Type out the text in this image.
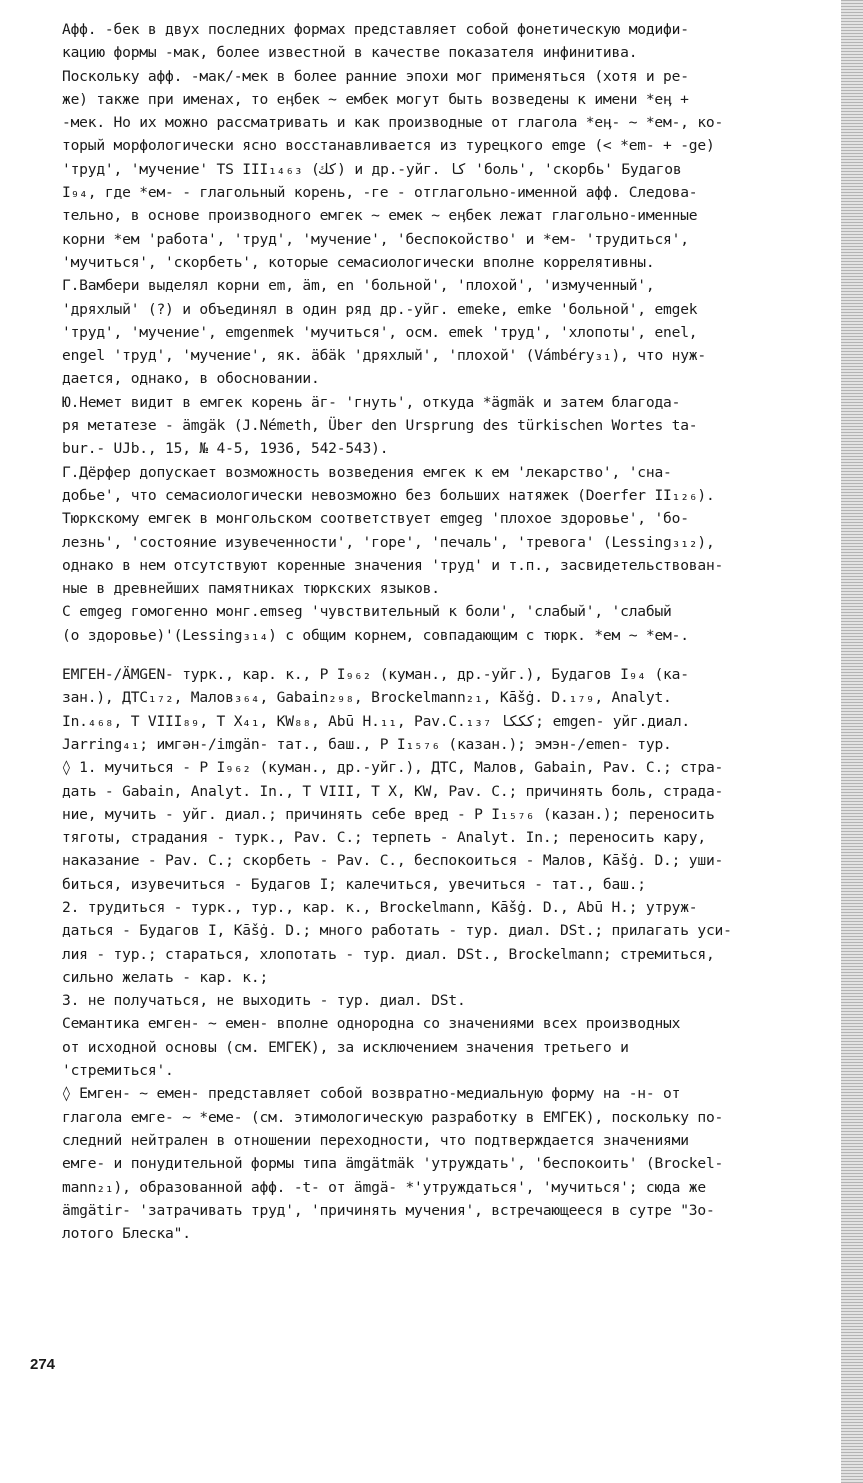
Афф. -бек в двух последних формах представляет собой фонетическую модифи-
кацию формы -мак, более известной в качестве показателя инфинитива.
Поскольку афф. -мак/-мек в более ранние эпохи мог применяться (хотя и ре-
же) также при именах, то еӊбек ~ ембек могут быть возведены к имени *еӊ +
-мек. Но их можно рассматривать и как производные от глагола *еӊ- ~ *ем-, ко-
торый морфологически ясно восстанавливается из турецкого emge (< *em- + -ge)
'труд', 'мучение' TS III₁₄₆₃ (كك) и др.-уйг. كا 'боль', 'скорбь' Будагов
I₉₄, где *ем- - глагольный корень, -ге - отглагольно-именной афф. Следова-
тельно, в основе производного емгек ~ емек ~ еӊбек лежат глагольно-именные
корни *ем 'работа', 'труд', 'мучение', 'беспокойство' и *ем- 'трудиться',
'мучиться', 'скорбеть', которые семасиологически вполне коррелятивны.
Г.Вамбери выделял корни em, äm, en 'больной', 'плохой', 'измученный',
'дряхлый' (?) и объединял в один ряд др.-уйг. emeke, emke 'больной', emgek
'труд', 'мучение', emgenmek 'мучиться', осм. emek 'труд', 'хлопоты', enel,
engel 'труд', 'мучение', як. äбäk 'дряхлый', 'плохой' (Vámbéry₃₁), что нуж-
дается, однако, в обосновании.
Ю.Немет видит в емгек корень äг- 'гнуть', откуда *ägmäk и затем благода-
ря метатезе - ämgäk (J.Németh, Über den Ursprung des türkischen Wortes ta-
bur.- UJb., 15, № 4-5, 1936, 542-543).
Г.Дёрфер допускает возможность возведения емгек к ем 'лекарство', 'сна-
добье', что семасиологически невозможно без больших натяжек (Doerfer II₁₂₆).
Тюркскому емгек в монгольском соответствует emgeg 'плохое здоровье', 'бо-
лезнь', 'состояние изувеченности', 'горе', 'печаль', 'тревога' (Lessing₃₁₂),
однако в нем отсутствуют коренные значения 'труд' и т.п., засвидетельствован-
ные в древнейших памятниках тюркских языков.
С emgeg гомогенно монг.emseg 'чувствительный к боли', 'слабый', 'слабый
(о здоровье)'(Lessing₃₁₄) с общим корнем, совпадающим с тюрк. *ем ~ *ем-.
ЕМГЕН-/ÄMGEN- турк., кар. к., Р I₉₆₂ (куман., др.-уйг.), Будагов I₉₄ (ка-
зан.), ДТС₁₇₂, Малов₃₆₄, Gabain₂₉₈, Brockelmann₂₁, Kāšġ. D.₁₇₉, Analyt.
In.₄₆₈, Т VIII₈₉, Т X₄₁, KW₈₈, Abū H.₁₁, Pav.C.₁₃₇ كككا; emgen- уйг.диал.
Jarring₄₁; имгән-/imgän- тат., баш., Р I₁₅₇₆ (казан.); эмэн-/emen- тур.
◊ 1. мучиться - Р I₉₆₂ (куман., др.-уйг.), ДТС, Малов, Gabain, Pav. C.; стра-
дать - Gabain, Analyt. In., Т VIII, Т X, KW, Pav. C.; причинять боль, страда-
ние, мучить - уйг. диал.; причинять себе вред - Р I₁₅₇₆ (казан.); переносить
тяготы, страдания - турк., Pav. C.; терпеть - Analyt. In.; переносить кару,
наказание - Pav. C.; скорбеть - Pav. C., беспокоиться - Малов, Kāšġ. D.; уши-
биться, изувечиться - Будагов I; калечиться, увечиться - тат., баш.;
2. трудиться - турк., тур., кар. к., Brockelmann, Kāšġ. D., Abū H.; утруж-
даться - Будагов I, Kāšġ. D.; много работать - тур. диал. DSt.; прилагать уси-
лия - тур.; стараться, хлопотать - тур. диал. DSt., Brockelmann; стремиться,
сильно желать - кар. к.;
3. не получаться, не выходить - тур. диал. DSt.
Семантика емген- ~ емен- вполне однородна со значениями всех производных
от исходной основы (см. ЕМГЕК), за исключением значения третьего и
'стремиться'.
◊ Емген- ~ емен- представляет собой возвратно-медиальную форму на -н- от
глагола емге- ~ *еме- (см. этимологическую разработку в ЕМГЕК), поскольку по-
следний нейтрален в отношении переходности, что подтверждается значениями
емге- и понудительной формы типа ämgätmäk 'утруждать', 'беспокоить' (Brockel-
mann₂₁), образованной афф. -t- от ämgä- *'утруждаться', 'мучиться'; сюда же
ämgätir- 'затрачивать труд', 'причинять мучения', встречающееся в сутре "Зо-
лотого Блеска".
274
